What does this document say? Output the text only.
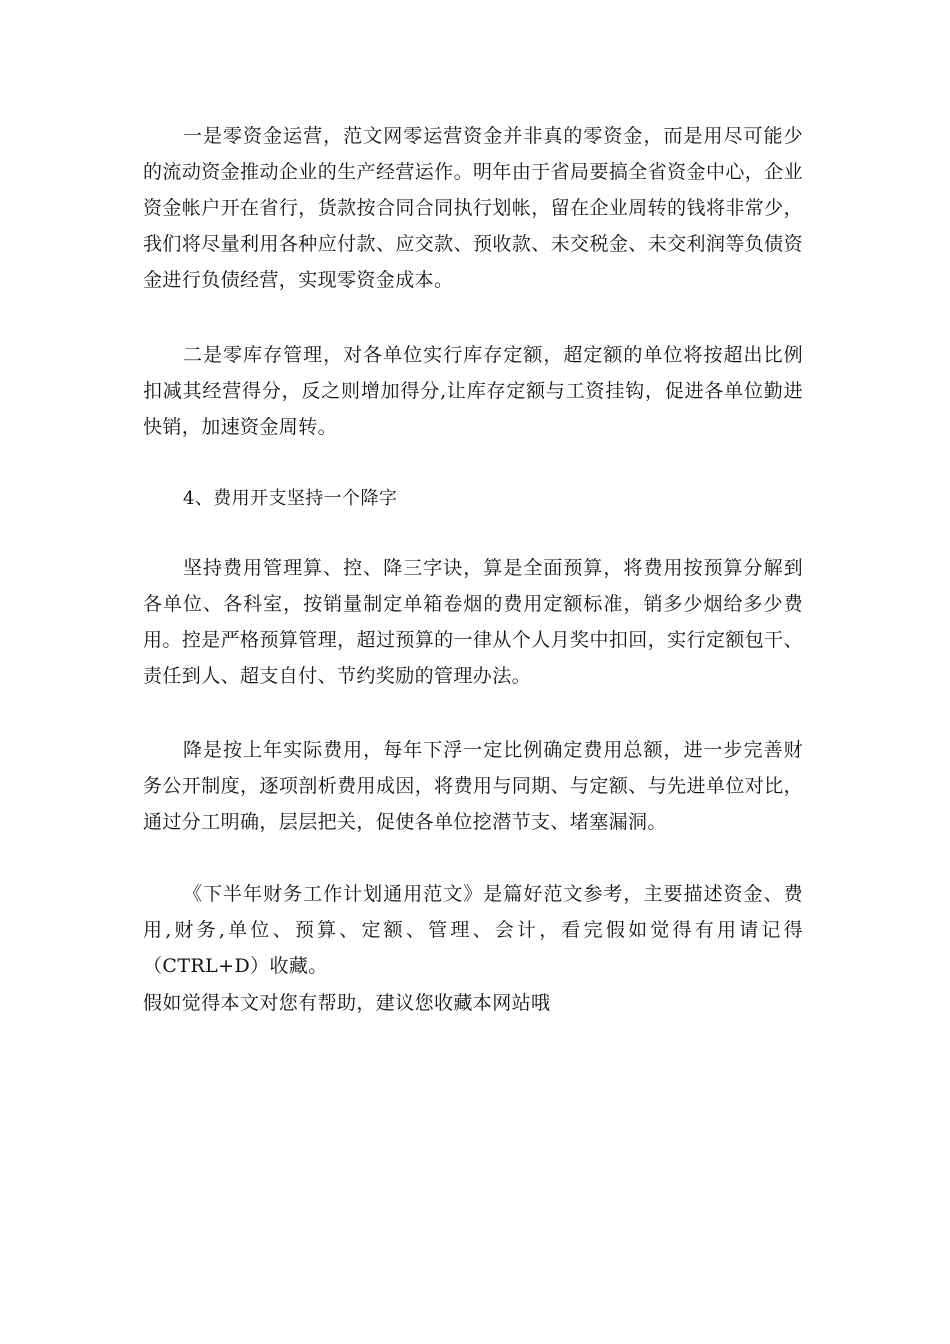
一是零资金运营，范文网零运营资金并非真的零资金，而是用尽可能少的流动资金推动企业的生产经营运作。明年由于省局要搞全省资金中心，企业资金帐户开在省行，货款按合同合同执行划帐，留在企业周转的钱将非常少，我们将尽量利用各种应付款、应交款、预收款、未交税金、未交利润等负债资金进行负债经营，实现零资金成本。

二是零库存管理，对各单位实行库存定额，超定额的单位将按超出比例扣减其经营得分，反之则增加得分,让库存定额与工资挂钩，促进各单位勤进快销，加速资金周转。

4、费用开支坚持一个降字

坚持费用管理算、控、降三字诀，算是全面预算，将费用按预算分解到各单位、各科室，按销量制定单箱卷烟的费用定额标准，销多少烟给多少费用。控是严格预算管理，超过预算的一律从个人月奖中扣回，实行定额包干、责任到人、超支自付、节约奖励的管理办法。

降是按上年实际费用，每年下浮一定比例确定费用总额，进一步完善财务公开制度，逐项剖析费用成因，将费用与同期、与定额、与先进单位对比，通过分工明确，层层把关，促使各单位挖潜节支、堵塞漏洞。

《下半年财务工作计划通用范文》是篇好范文参考，主要描述资金、费用,财务,单位、预算、定额、管理、会计，看完假如觉得有用请记得（CTRL+D）收藏。

假如觉得本文对您有帮助，建议您收藏本网站哦
